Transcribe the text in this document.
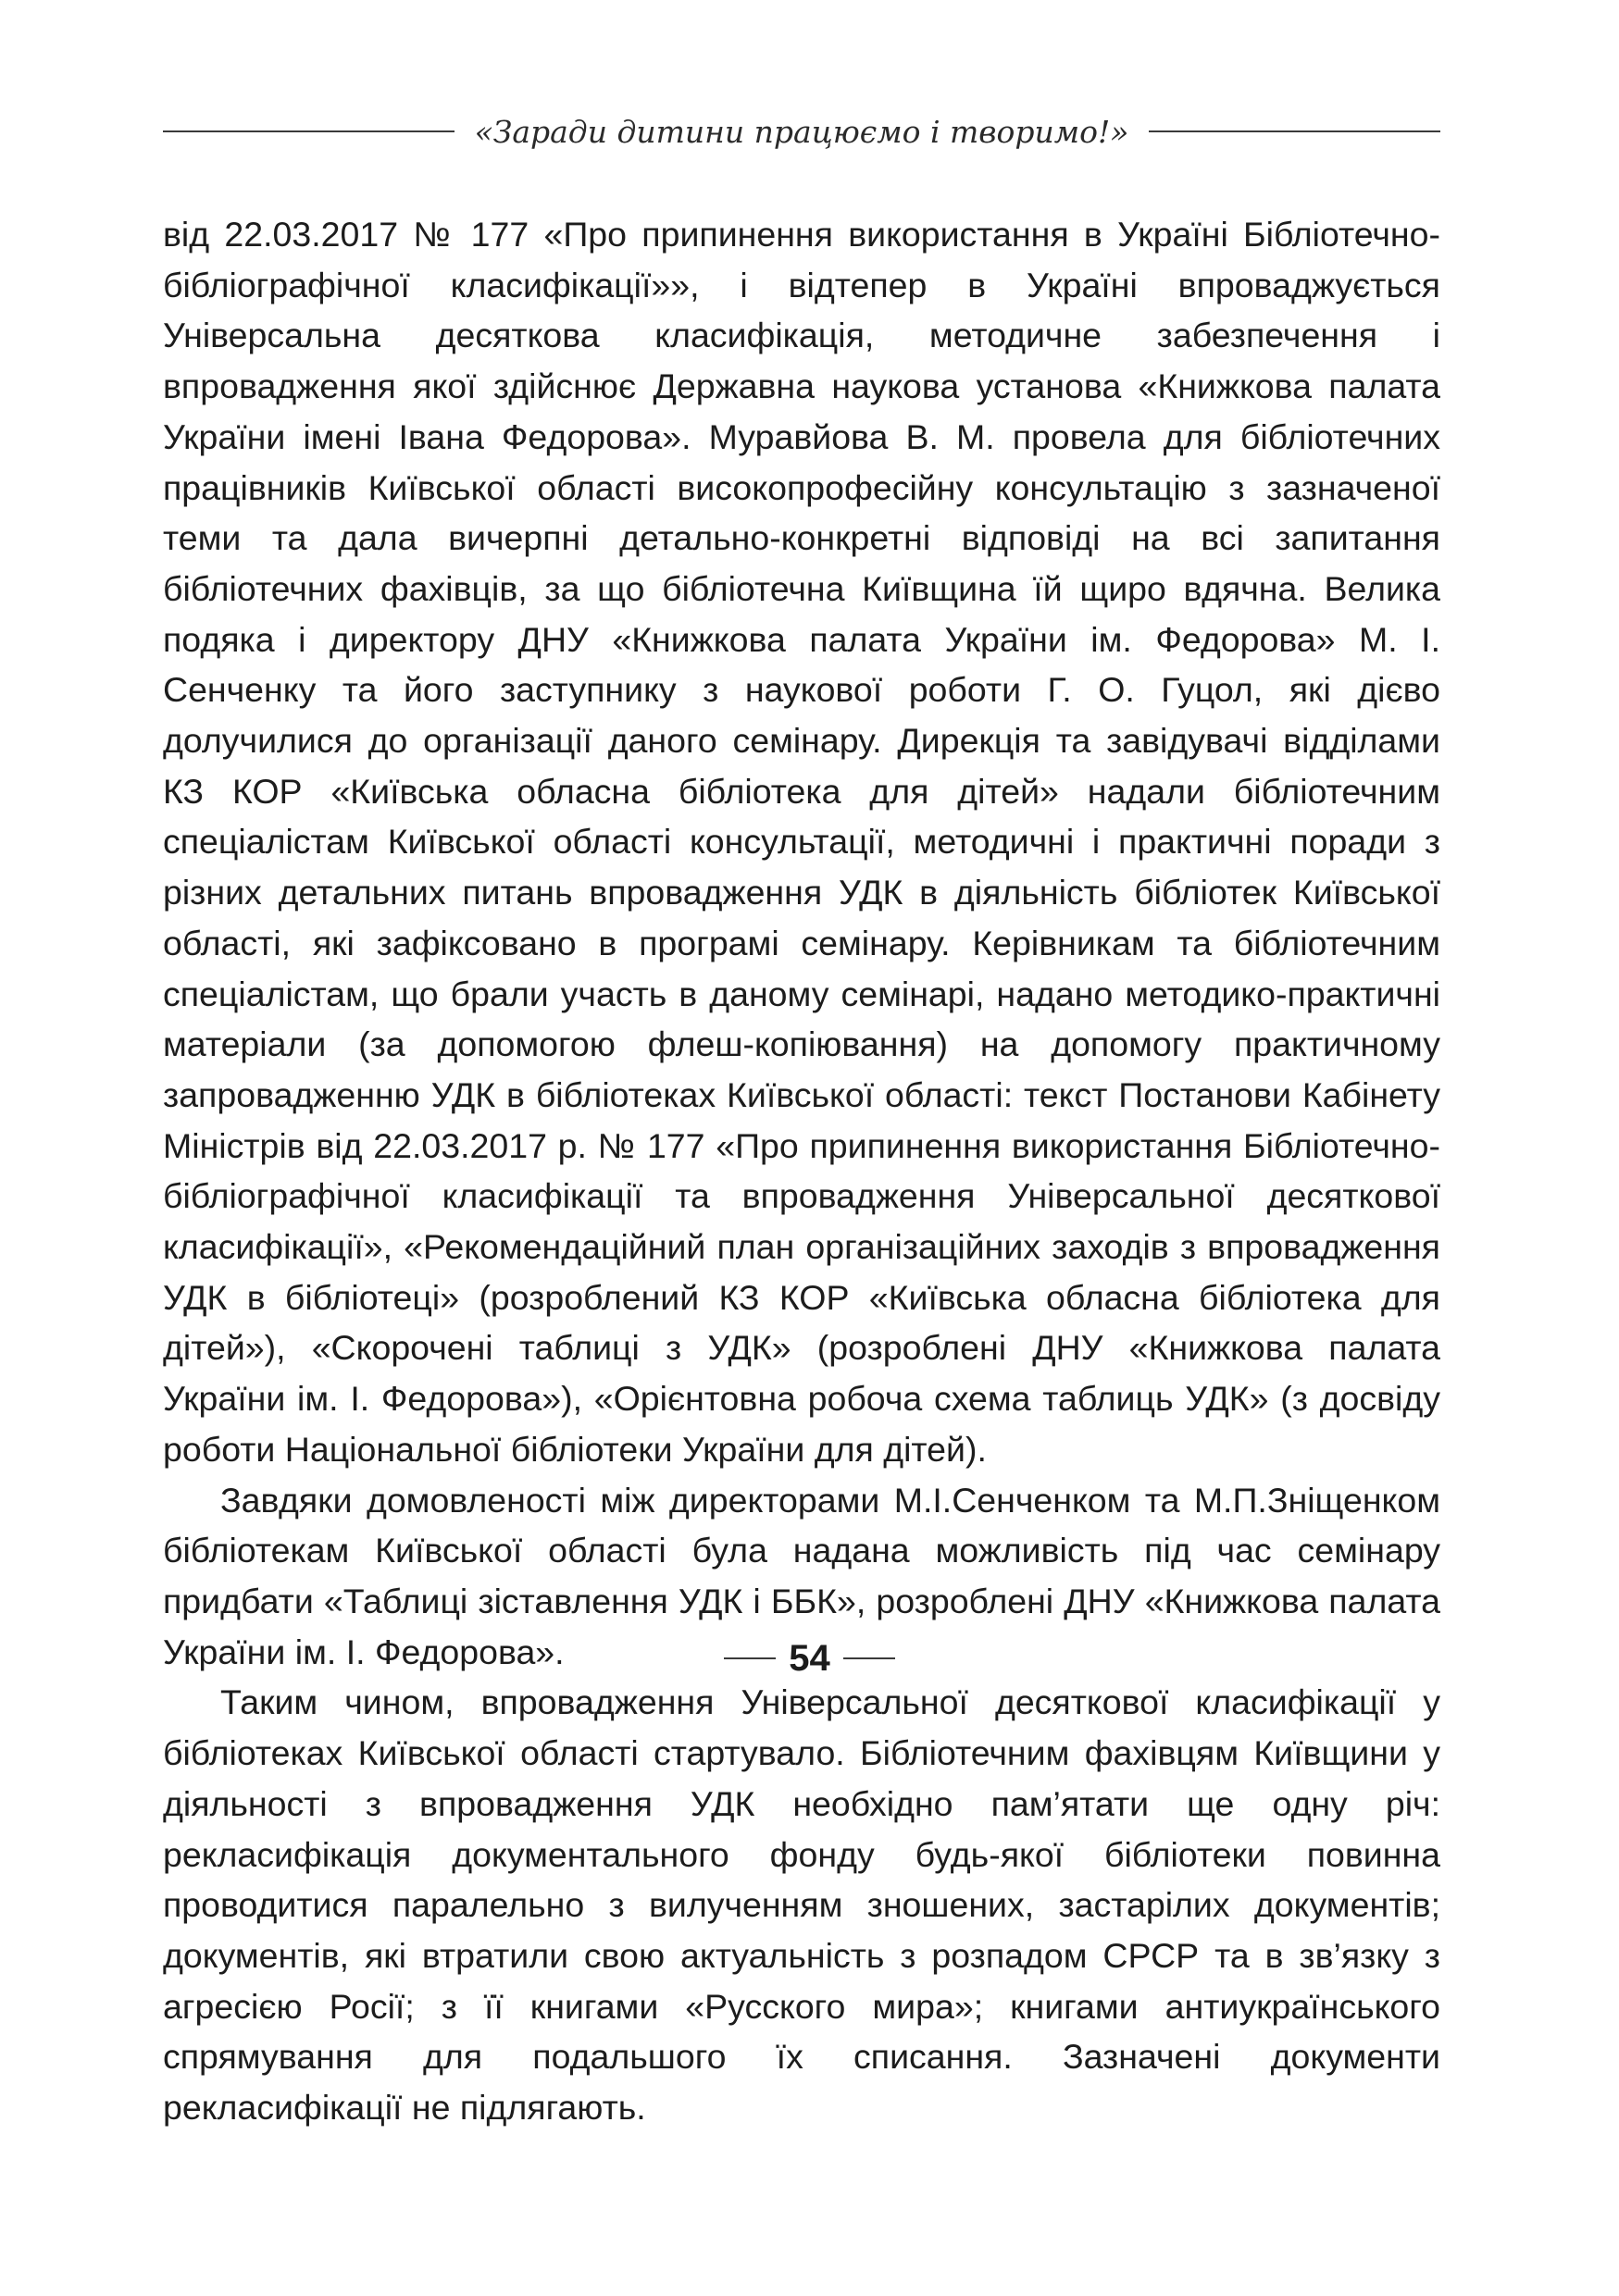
«Заради дитини працюємо і творимо!»

від 22.03.2017 № 177 «Про припинення використання в Україні Бібліотечно-бібліографічної класифікації»», і відтепер в Україні впроваджується Універсальна десяткова класифікація, методичне забезпечення і впровадження якої здійснює Державна наукова установа «Книжкова палата України імені Івана Федорова». Муравйова В. М. провела для бібліотечних працівників Київської області високопрофесійну консультацію з зазначеної теми та дала вичерпні детально-конкретні відповіді на всі запитання бібліотечних фахівців, за що бібліотечна Київщина їй щиро вдячна. Велика подяка і директору ДНУ «Книжкова палата України ім. Федорова» М. І. Сенченку та його заступнику з наукової роботи Г. О. Гуцол, які дієво долучилися до організації даного семінару. Дирекція та завідувачі відділами КЗ КОР «Київська обласна бібліотека для дітей» надали бібліотечним спеціалістам Київської області консультації, методичні і практичні поради з різних детальних питань впровадження УДК в діяльність бібліотек Київської області, які зафіксовано в програмі семінару. Керівникам та бібліотечним спеціалістам, що брали участь в даному семінарі, надано методико-практичні матеріали (за допомогою флеш-копіювання) на допомогу практичному запровадженню УДК в бібліотеках Київської області: текст Постанови Кабінету Міністрів від 22.03.2017 р. № 177 «Про припинення використання Бібліотечно-бібліографічної класифікації та впровадження Універсальної десяткової класифікації», «Рекомендаційний план організаційних заходів з впровадження УДК в бібліотеці» (розроблений КЗ КОР «Київська обласна бібліотека для дітей»), «Скорочені таблиці з УДК» (розроблені ДНУ «Книжкова палата України ім. І. Федорова»), «Орієнтовна робоча схема таблиць УДК» (з досвіду роботи Національної бібліотеки України для дітей).

Завдяки домовленості між директорами М.І.Сенченком та М.П.Зніщенком бібліотекам Київської області була надана можливість під час семінару придбати «Таблиці зіставлення УДК і ББК», розроблені ДНУ «Книжкова палата України ім. І. Федорова».

Таким чином, впровадження Універсальної десяткової класифікації у бібліотеках Київської області стартувало. Бібліотечним фахівцям Київщини у діяльності з впровадження УДК необхідно пам’ятати ще одну річ: рекласифікація документального фонду будь-якої бібліотеки повинна проводитися паралельно з вилученням зношених, застарілих документів; документів, які втратили свою актуальність з розпадом СРСР та в зв’язку з агресією Росії; з її книгами «Русского мира»; книгами антиукраїнського спрямування для подальшого їх списання. Зазначені документи рекласифікації не підлягають.

54
